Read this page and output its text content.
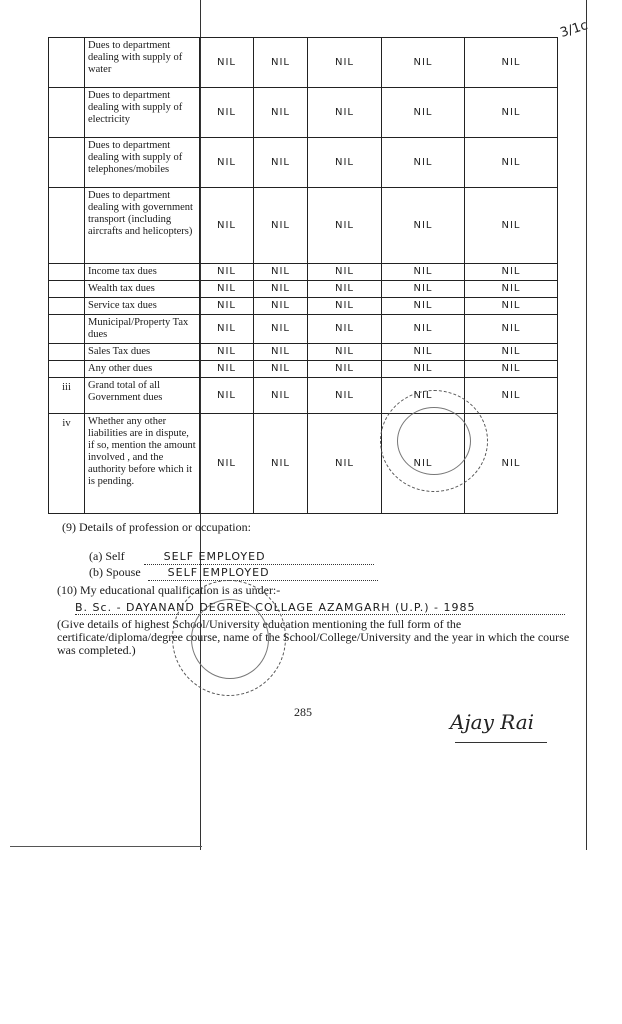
3/1c
	Dues to department dealing with supply of water	NIL	NIL	NIL	NIL	NIL
	Dues to department dealing with supply of electricity	NIL	NIL	NIL	NIL	NIL
	Dues to department dealing with supply of telephones/mobiles	NIL	NIL	NIL	NIL	NIL
	Dues to department dealing with government transport (including aircrafts and helicopters)	NIL	NIL	NIL	NIL	NIL
	Income tax dues	NIL	NIL	NIL	NIL	NIL
	Wealth tax dues	NIL	NIL	NIL	NIL	NIL
	Service tax dues	NIL	NIL	NIL	NIL	NIL
	Municipal/Property Tax dues	NIL	NIL	NIL	NIL	NIL
	Sales Tax dues	NIL	NIL	NIL	NIL	NIL
	Any other dues	NIL	NIL	NIL	NIL	NIL
iii	Grand total of all Government dues	NIL	NIL	NIL	NIL	NIL
iv	Whether any other liabilities are in dispute, if so, mention the amount involved , and the authority before which it is pending.	NIL	NIL	NIL	NIL	NIL
(9) Details of profession or occupation:
(a) Self	SELF EMPLOYED
(b) Spouse SELF EMPLOYED
(10) My educational qualification is as under:-
B. Sc. - DAYANAND DEGREE COLLAGE AZAMGARH (U.P.) - 1985
(Give details of highest School/University education mentioning the full form of the certificate/diploma/degree course, name of the School/College/University and the year in which the course was completed.)
285	Ajay Rai
